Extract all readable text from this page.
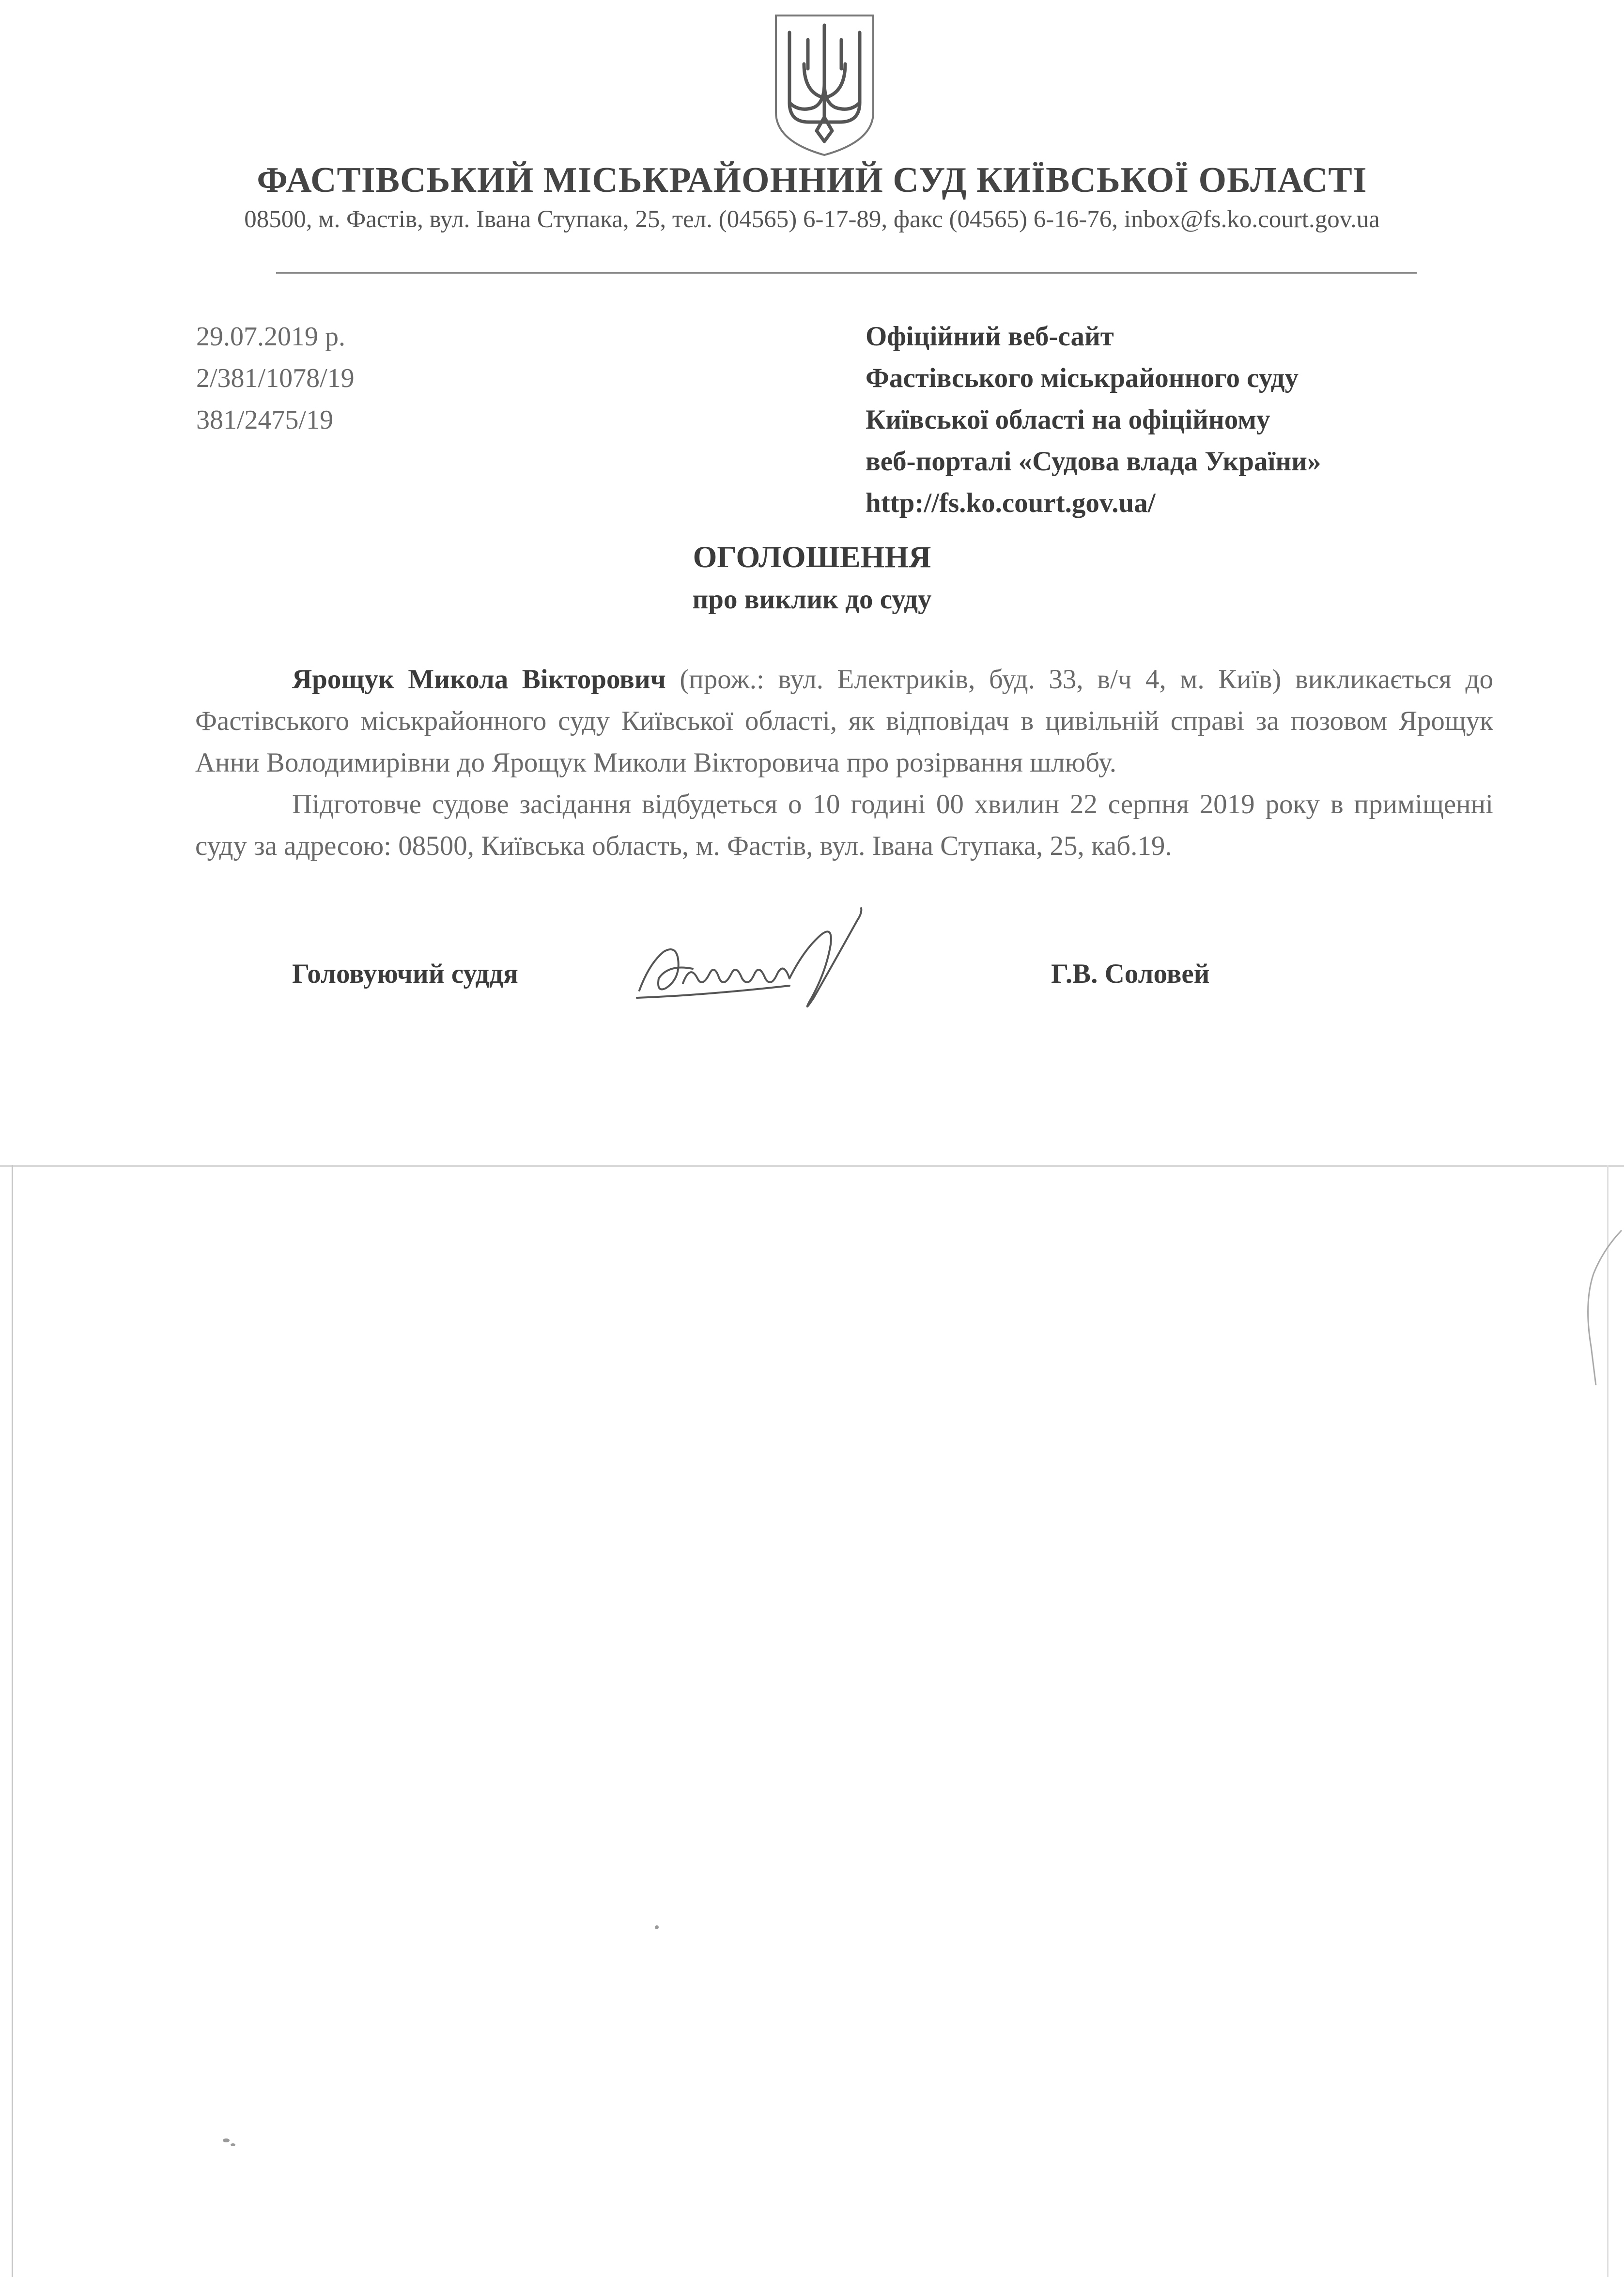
ФАСТІВСЬКИЙ МІСЬКРАЙОННИЙ СУД КИЇВСЬКОЇ ОБЛАСТІ
08500, м. Фастів, вул. Івана Ступака, 25, тел. (04565) 6-17-89, факс (04565) 6-16-76, inbox@fs.ko.court.gov.ua
29.07.2019 р.
2/381/1078/19
381/2475/19
Офіційний веб-сайт
Фастівського міськрайонного суду
Київської області на офіційному
веб-порталі «Судова влада України»
http://fs.ko.court.gov.ua/
ОГОЛОШЕННЯ
про виклик до суду

Ярощук Микола Вікторович (прож.: вул. Електриків, буд. 33, в/ч 4, м. Київ) викликається до Фастівського міськрайонного суду Київської області, як відповідач в цивільній справі за позовом Ярощук Анни Володимирівни до Ярощук Миколи Вікторовича про розірвання шлюбу.

Підготовче судове засідання відбудеться о 10 годині 00 хвилин 22 серпня 2019 року в приміщенні суду за адресою: 08500, Київська область, м. Фастів, вул. Івана Ступака, 25, каб.19.

Головуючий суддя	Г.В. Соловей
